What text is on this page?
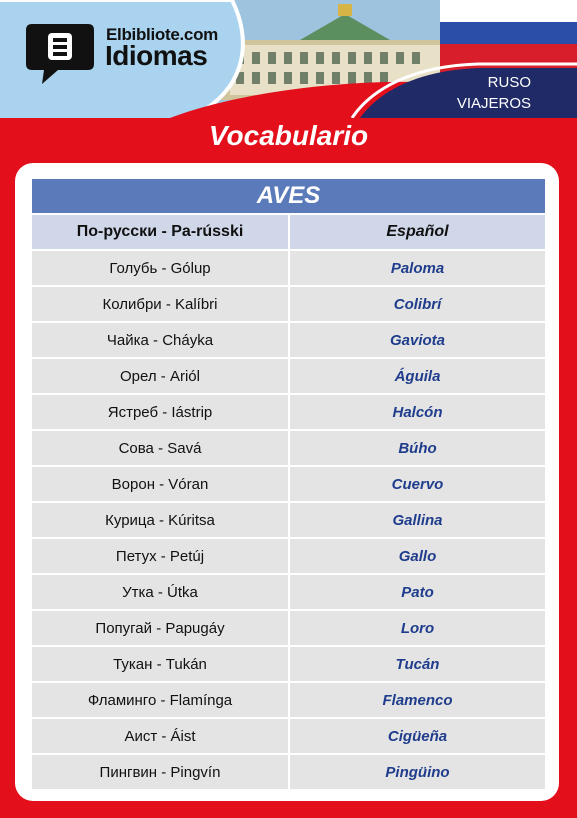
Elbibliote.com
Idiomas
RUSO
VIAJEROS
Vocabulario
AVES
По-русски - Pa-rússki	Español
Голубь - Gólup	Paloma
Колибри - Kalíbri	Colibrí
Чайка - Cháyka	Gaviota
Орел - Ariól	Águila
Ястреб - Iástrip	Halcón
Сова - Savá	Búho
Ворон - Vóran	Cuervo
Курица - Kúritsa	Gallina
Петух - Petúj	Gallo
Утка - Útka	Pato
Попугай - Papugáy	Loro
Тукан - Tukán	Tucán
Фламинго - Flamínga	Flamenco
Аист - Áist	Cigüeña
Пингвин - Pingvín	Pingüino
